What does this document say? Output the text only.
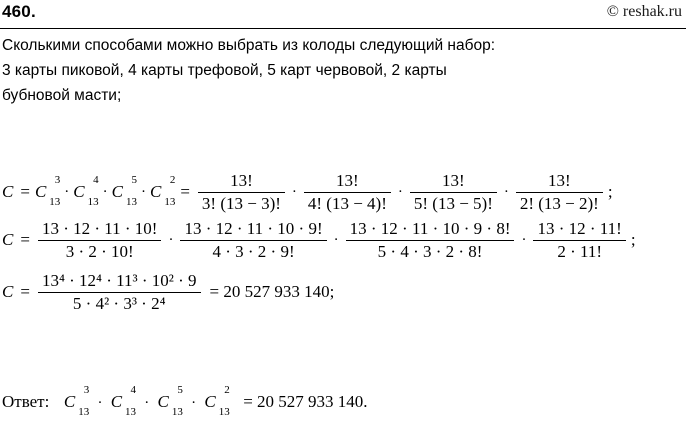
460.	© reshak.ru
Сколькими способами можно выбрать из колоды следующий набор:
3 карты пиковой, 4 карты трефовой, 5 карт червовой, 2 карты
бубновой масти;
C = C
3
13
· C
4
13
· C
5
13
· C
2
13
= $\frac{13!}{3! (13 - 3)!} \cdot \frac{13!}{4! (13 - 4)!} \cdot \frac{13!}{5! (13 - 5)!} \cdot \frac{13!}{2! (13 - 2)!}$ ;
$C = \frac{13 \cdot 12 \cdot 11 \cdot 10!}{3 \cdot 2 \cdot 10!} \cdot \frac{13 \cdot 12 \cdot 11 \cdot 10 \cdot 9!}{4 \cdot 3 \cdot 2 \cdot 9!} \cdot \frac{13 \cdot 12 \cdot 11 \cdot 10 \cdot 9 \cdot 8!}{5 \cdot 4 \cdot 3 \cdot 2 \cdot 8!} \cdot \frac{13 \cdot 12 \cdot 11!}{2 \cdot 11!}$ ;
$C = \frac{\text{13⁴ · 12⁴ · 11³ · 10² · 9}}{\text{5 · 4² · 3³ · 2⁴}} = 20$ 527 933 140;
Ответ: C
3
13
· C
4
13
· C
5
13
· C
2
13
= 20 527 933 140.
